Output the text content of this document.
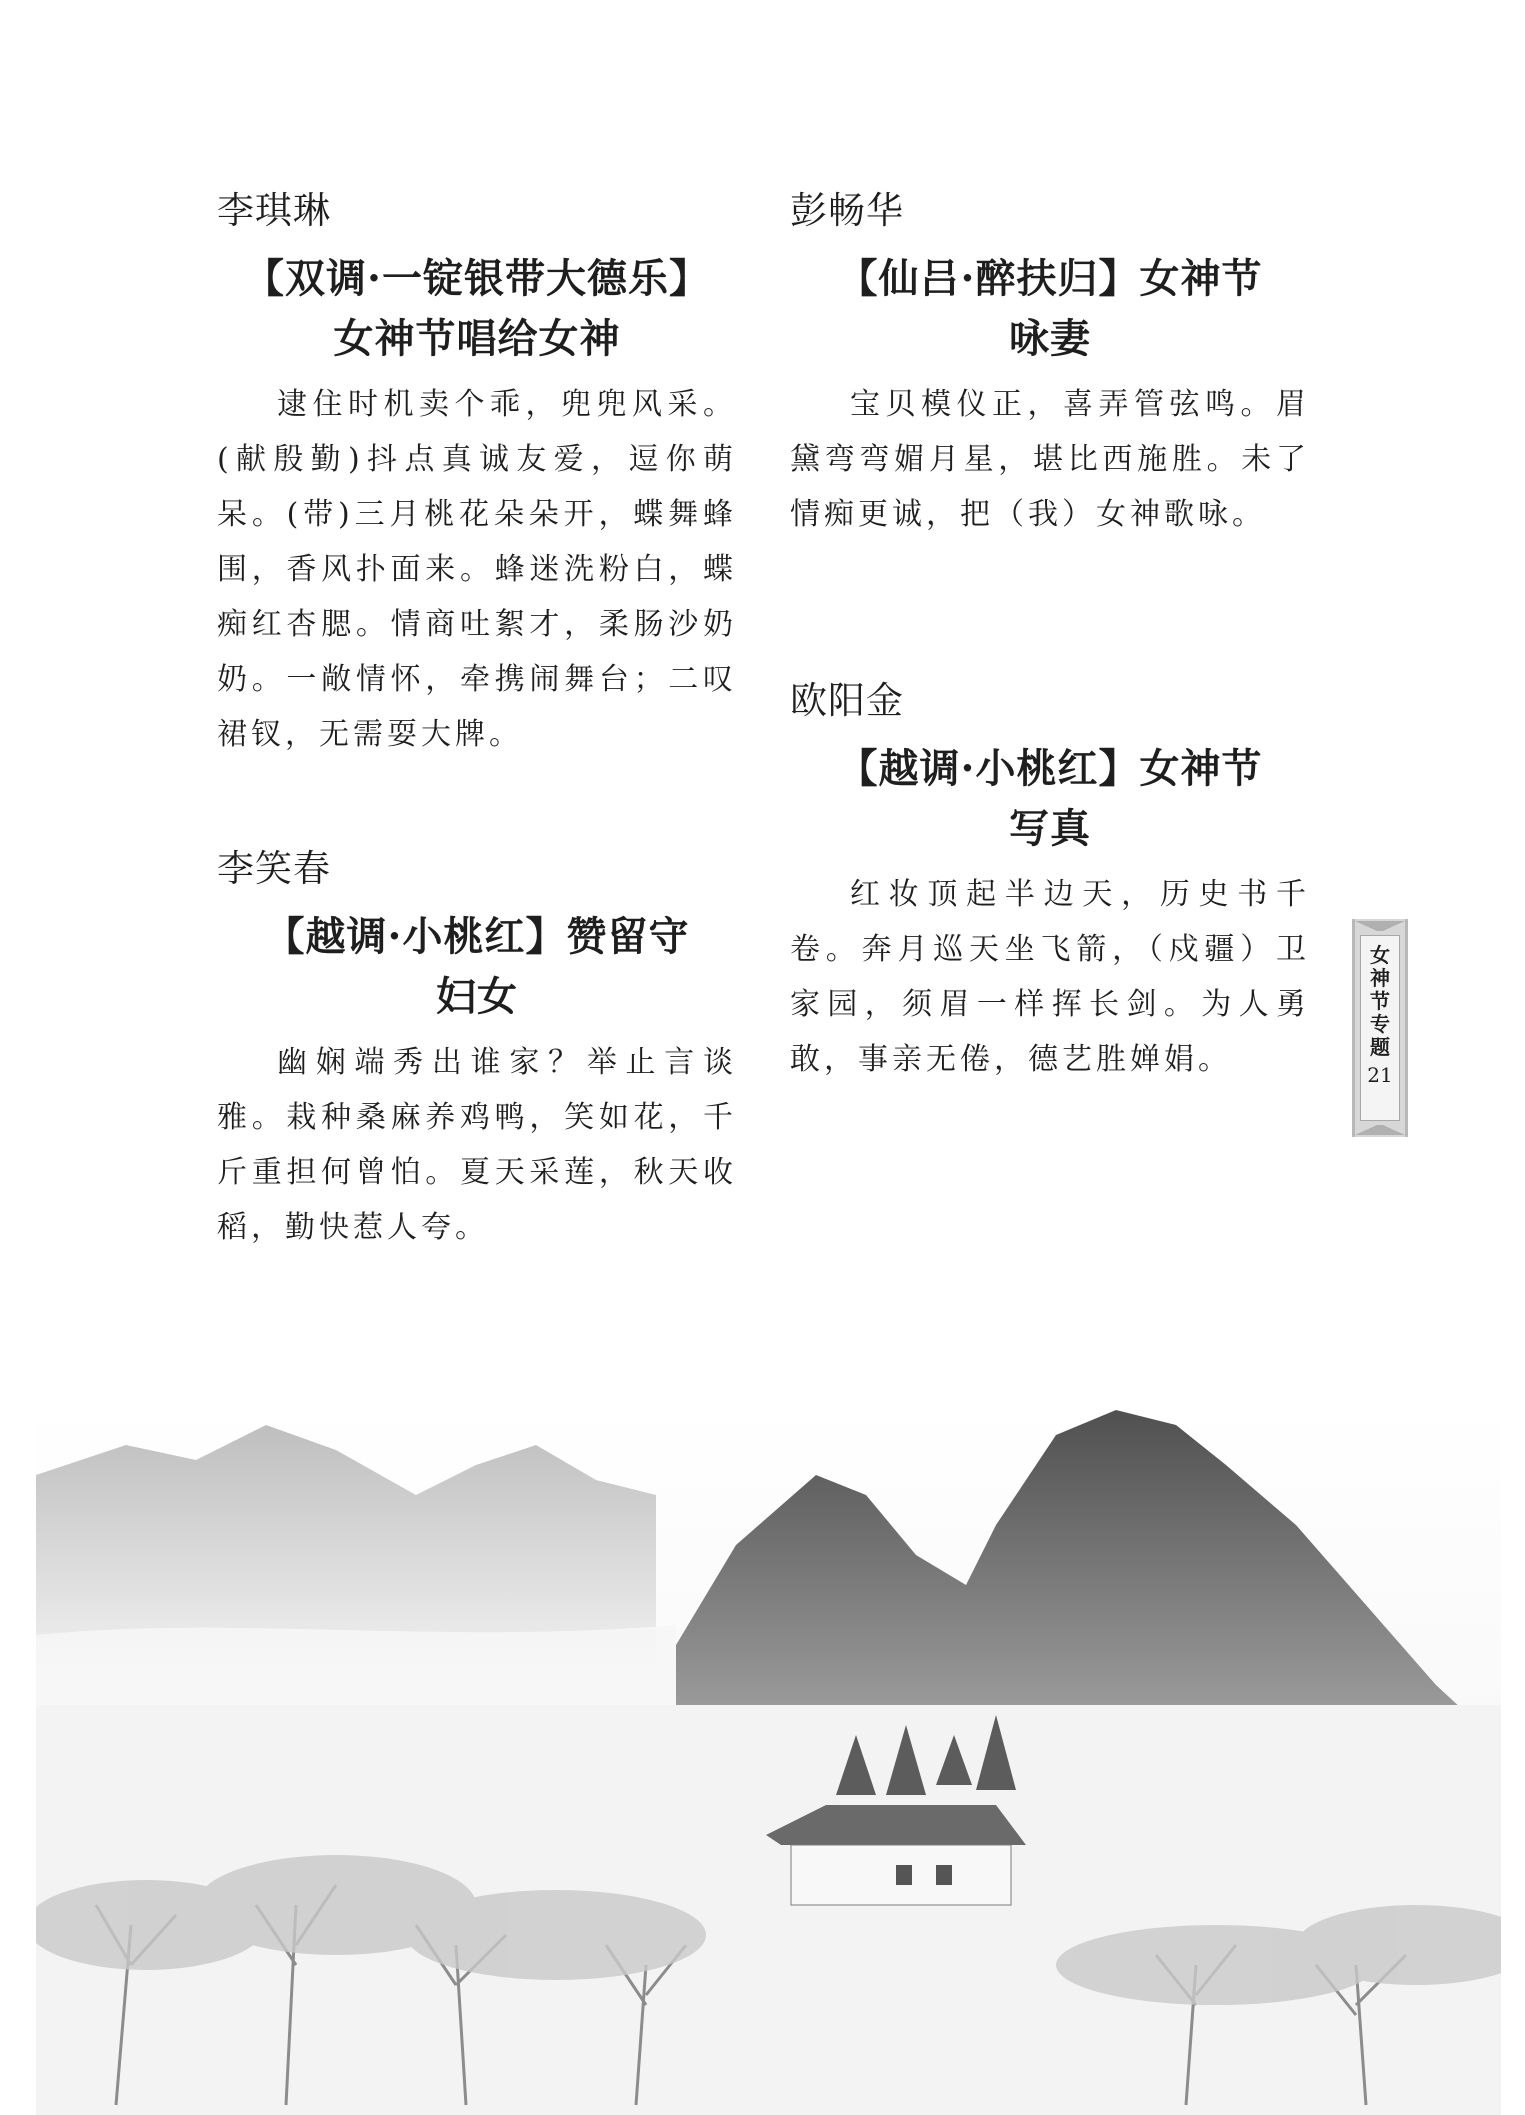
李琪琳
【双调·一锭银带大德乐】
女神节唱给女神

逮住时机卖个乖，兜兜风采。(献殷勤)抖点真诚友爱，逗你萌呆。(带)三月桃花朵朵开，蝶舞蜂围，香风扑面来。蜂迷洗粉白，蝶痴红杏腮。情商吐絮才，柔肠沙奶奶。一敞情怀，牵携闹舞台；二叹裙钗，无需耍大牌。

李笑春
【越调·小桃红】赞留守
妇女

幽娴端秀出谁家？举止言谈雅。栽种桑麻养鸡鸭，笑如花，千斤重担何曾怕。夏天采莲，秋天收稻，勤快惹人夸。

彭畅华
【仙吕·醉扶归】女神节
咏妻

宝贝模仪正，喜弄管弦鸣。眉黛弯弯媚月星，堪比西施胜。未了情痴更诚，把（我）女神歌咏。

欧阳金
【越调·小桃红】女神节
写真

红妆顶起半边天，历史书千卷。奔月巡天坐飞箭，（戍疆）卫家园，须眉一样挥长剑。为人勇敢，事亲无倦，德艺胜婵娟。

女神节专题
21
